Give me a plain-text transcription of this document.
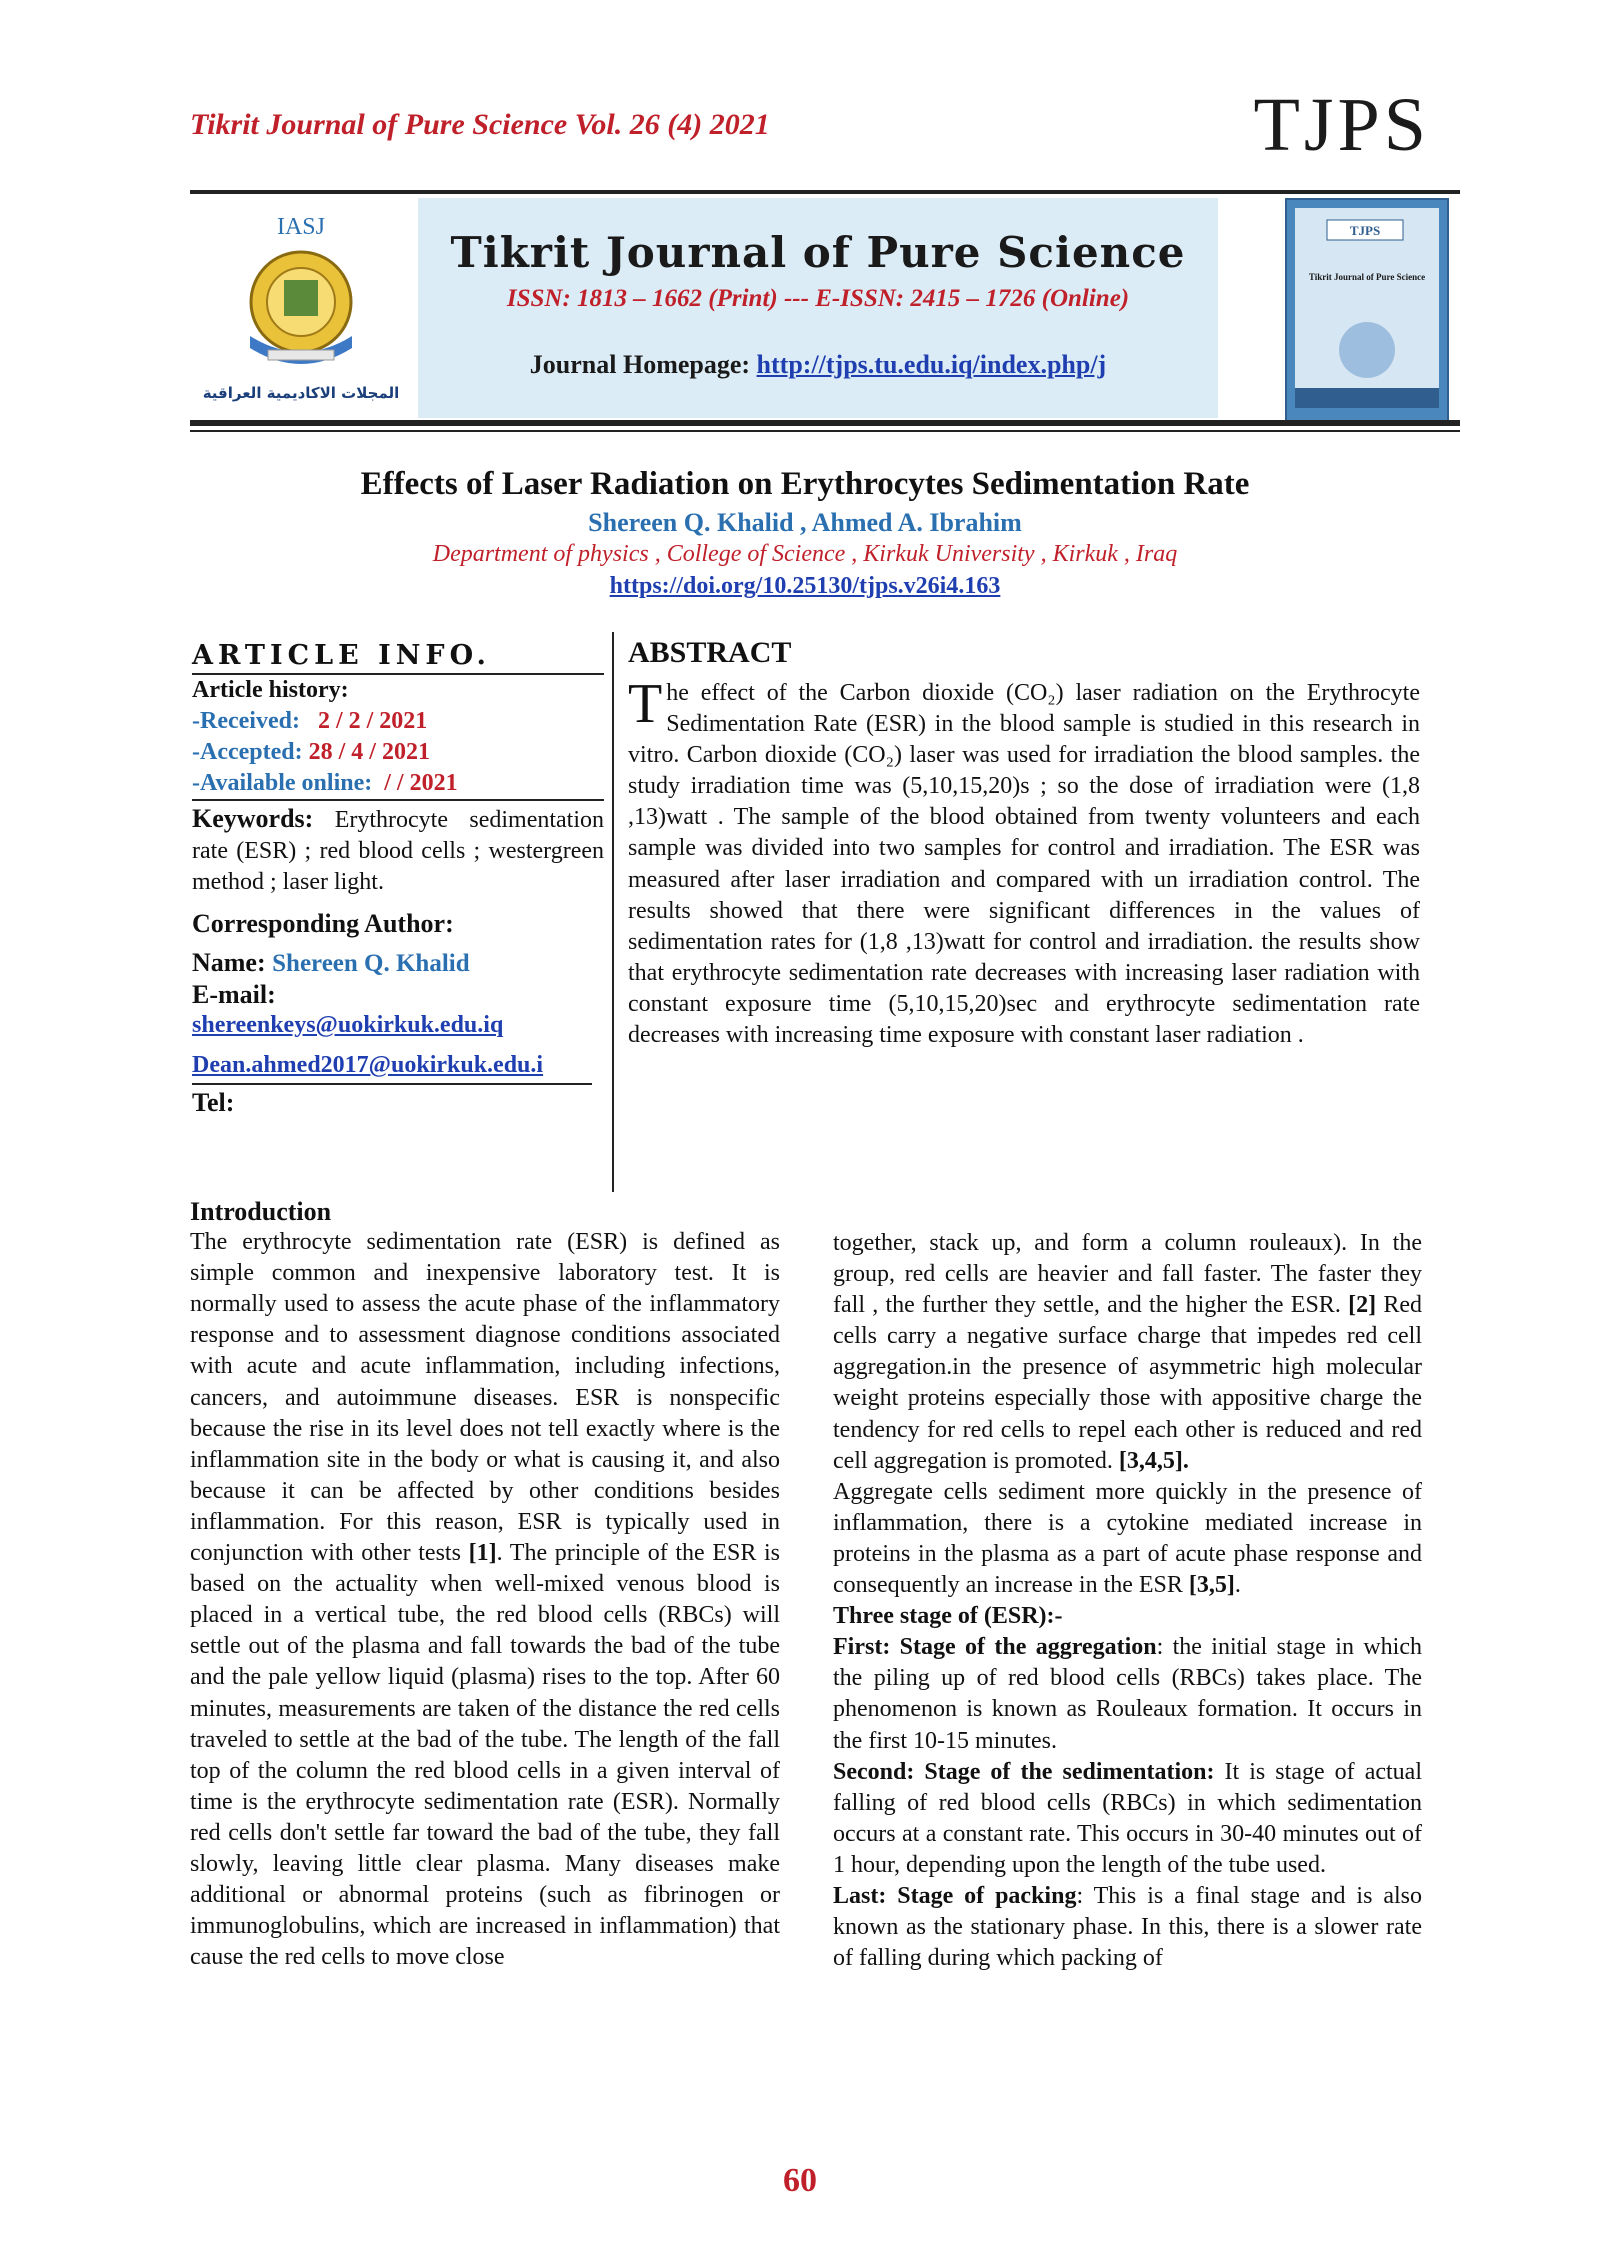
Tikrit Journal of Pure Science Vol. 26 (4) 2021	TJPS
IASJ
المجلات الاكاديمية العراقية
TJPS
Tikrit Journal of Pure Science
Tikrit Journal of Pure Science
ISSN: 1813 – 1662 (Print) --- E-ISSN: 2415 – 1726 (Online)
Journal Homepage: http://tjps.tu.edu.iq/index.php/j
Effects of Laser Radiation on Erythrocytes Sedimentation Rate
Shereen Q. Khalid , Ahmed A. Ibrahim
Department of physics , College of Science , Kirkuk University , Kirkuk , Iraq
https://doi.org/10.25130/tjps.v26i4.163
ARTICLE INFO.
Article history:
-Received: 2 / 2 / 2021
-Accepted: 28 / 4 / 2021
-Available online: / / 2021
Keywords: Erythrocyte sedimentation rate (ESR) ; red blood cells ; westergreen method ; laser light.
Corresponding Author:
Name: Shereen Q. Khalid
E-mail:
shereenkeys@uokirkuk.edu.iq
Dean.ahmed2017@uokirkuk.edu.i
Tel:
ABSTRACT
The effect of the Carbon dioxide (CO₂) laser radiation on the Erythrocyte Sedimentation Rate (ESR) in the blood sample is studied in this research in vitro. Carbon dioxide (CO₂) laser was used for irradiation the blood samples. the study irradiation time was (5,10,15,20)s ; so the dose of irradiation were (1,8 ,13)watt . The sample of the blood obtained from twenty volunteers and each sample was divided into two samples for control and irradiation. The ESR was measured after laser irradiation and compared with un irradiation control. The results showed that there were significant differences in the values of sedimentation rates for (1,8 ,13)watt for control and irradiation. the results show that erythrocyte sedimentation rate decreases with increasing laser radiation with constant exposure time (5,10,15,20)sec and erythrocyte sedimentation rate decreases with increasing time exposure with constant laser radiation .
Introduction

The erythrocyte sedimentation rate (ESR) is defined as simple common and inexpensive laboratory test. It is normally used to assess the acute phase of the inflammatory response and to assessment diagnose conditions associated with acute and acute inflammation, including infections, cancers, and autoimmune diseases. ESR is nonspecific because the rise in its level does not tell exactly where is the inflammation site in the body or what is causing it, and also because it can be affected by other conditions besides inflammation. For this reason, ESR is typically used in conjunction with other tests [1]. The principle of the ESR is based on the actuality when well-mixed venous blood is placed in a vertical tube, the red blood cells (RBCs) will settle out of the plasma and fall towards the bad of the tube and the pale yellow liquid (plasma) rises to the top. After 60 minutes, measurements are taken of the distance the red cells traveled to settle at the bad of the tube. The length of the fall top of the column the red blood cells in a given interval of time is the erythrocyte sedimentation rate (ESR). Normally red cells don't settle far toward the bad of the tube, they fall slowly, leaving little clear plasma. Many diseases make additional or abnormal proteins (such as fibrinogen or immunoglobulins, which are increased in inflammation) that cause the red cells to move close

together, stack up, and form a column rouleaux). In the group, red cells are heavier and fall faster. The faster they fall , the further they settle, and the higher the ESR. [2] Red cells carry a negative surface charge that impedes red cell aggregation.in the presence of asymmetric high molecular weight proteins especially those with appositive charge the tendency for red cells to repel each other is reduced and red cell aggregation is promoted. [3,4,5].

Aggregate cells sediment more quickly in the presence of inflammation, there is a cytokine mediated increase in proteins in the plasma as a part of acute phase response and consequently an increase in the ESR [3,5].

Three stage of (ESR):-

First: Stage of the aggregation: the initial stage in which the piling up of red blood cells (RBCs) takes place. The phenomenon is known as Rouleaux formation. It occurs in the first 10-15 minutes.

Second: Stage of the sedimentation: It is stage of actual falling of red blood cells (RBCs) in which sedimentation occurs at a constant rate. This occurs in 30-40 minutes out of 1 hour, depending upon the length of the tube used.

Last: Stage of packing: This is a final stage and is also known as the stationary phase. In this, there is a slower rate of falling during which packing of

60
